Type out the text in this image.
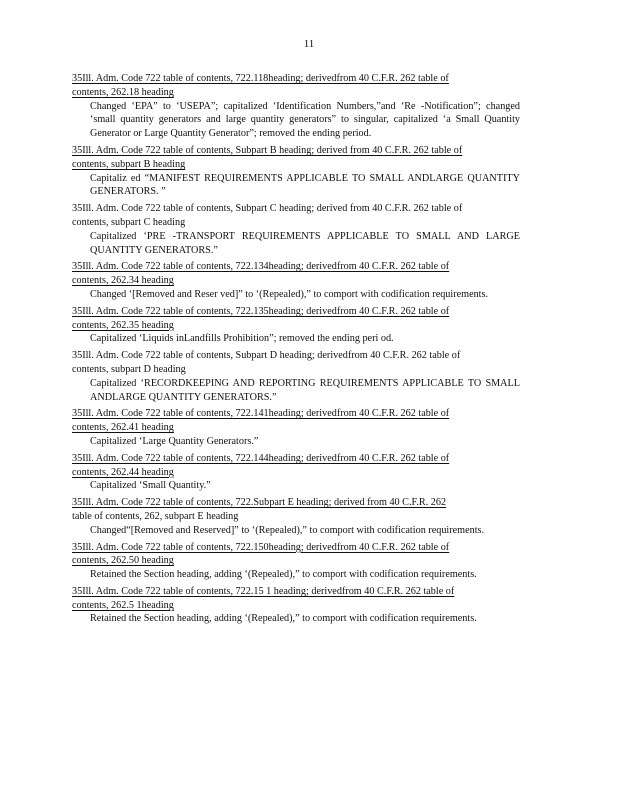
11
35Ill. Adm. Code 722 table of contents, 722.118heading; derivedfrom 40 C.F.R. 262 table of
contents, 262.18 heading
Changed ‘EPA” to ‘USEPA”; capitalized ‘Identification Numbers,”and ‘Re -Notification”; changed ‘small quantity generators and large quantity generators” to singular, capitalized ‘a Small Quantity Generator or Large Quantity Generator”; removed the ending period.
35Ill. Adm. Code 722 table of contents, Subpart B heading; derived from 40 C.F.R. 262 table of
contents, subpart B heading
Capitaliz ed “MANIFEST REQUIREMENTS APPLICABLE TO SMALL ANDLARGE QUANTITY GENERATORS. ”
35Ill. Adm. Code 722 table of contents, Subpart C heading; derived from 40 C.F.R. 262 table of
contents, subpart C heading
Capitalized ‘PRE -TRANSPORT REQUIREMENTS APPLICABLE TO SMALL AND LARGE QUANTITY GENERATORS.”
35Ill. Adm. Code 722 table of contents, 722.134heading; derivedfrom 40 C.F.R. 262 table of
contents, 262.34 heading
Changed ‘[Removed and Reser ved]” to ‘(Repealed),” to comport with codification requirements.
35Ill. Adm. Code 722 table of contents, 722.135heading; derivedfrom 40 C.F.R. 262 table of
contents, 262.35 heading
Capitalized ‘Liquids inLandfills Prohibition”; removed the ending peri od.
35Ill. Adm. Code 722 table of contents, Subpart D heading; derivedfrom 40 C.F.R. 262 table of
contents, subpart D heading
Capitalized ‘RECORDKEEPING AND REPORTING REQUIREMENTS APPLICABLE TO SMALL ANDLARGE QUANTITY GENERATORS.”
35Ill. Adm. Code 722 table of contents, 722.141heading; derivedfrom 40 C.F.R. 262 table of
contents, 262.41 heading
Capitalized ‘Large Quantity Generators.”
35Ill. Adm. Code 722 table of contents, 722.144heading; derivedfrom 40 C.F.R. 262 table of
contents, 262.44 heading
Capitalized ‘Small Quantity.”
35Ill. Adm. Code 722 table of contents, 722.Subpart E heading; derived from 40 C.F.R. 262
table of contents, 262, subpart E heading
Changed“[Removed and Reserved]” to ‘(Repealed),” to comport with codification requirements.
35Ill. Adm. Code 722 table of contents, 722.150heading; derivedfrom 40 C.F.R. 262 table of
contents, 262.50 heading
Retained the Section heading, adding ‘(Repealed),” to comport with codification requirements.
35Ill. Adm. Code 722 table of contents, 722.15 1 heading; derivedfrom 40 C.F.R. 262 table of
contents, 262.5 1heading
Retained the Section heading, adding ‘(Repealed),” to comport with codification requirements.
